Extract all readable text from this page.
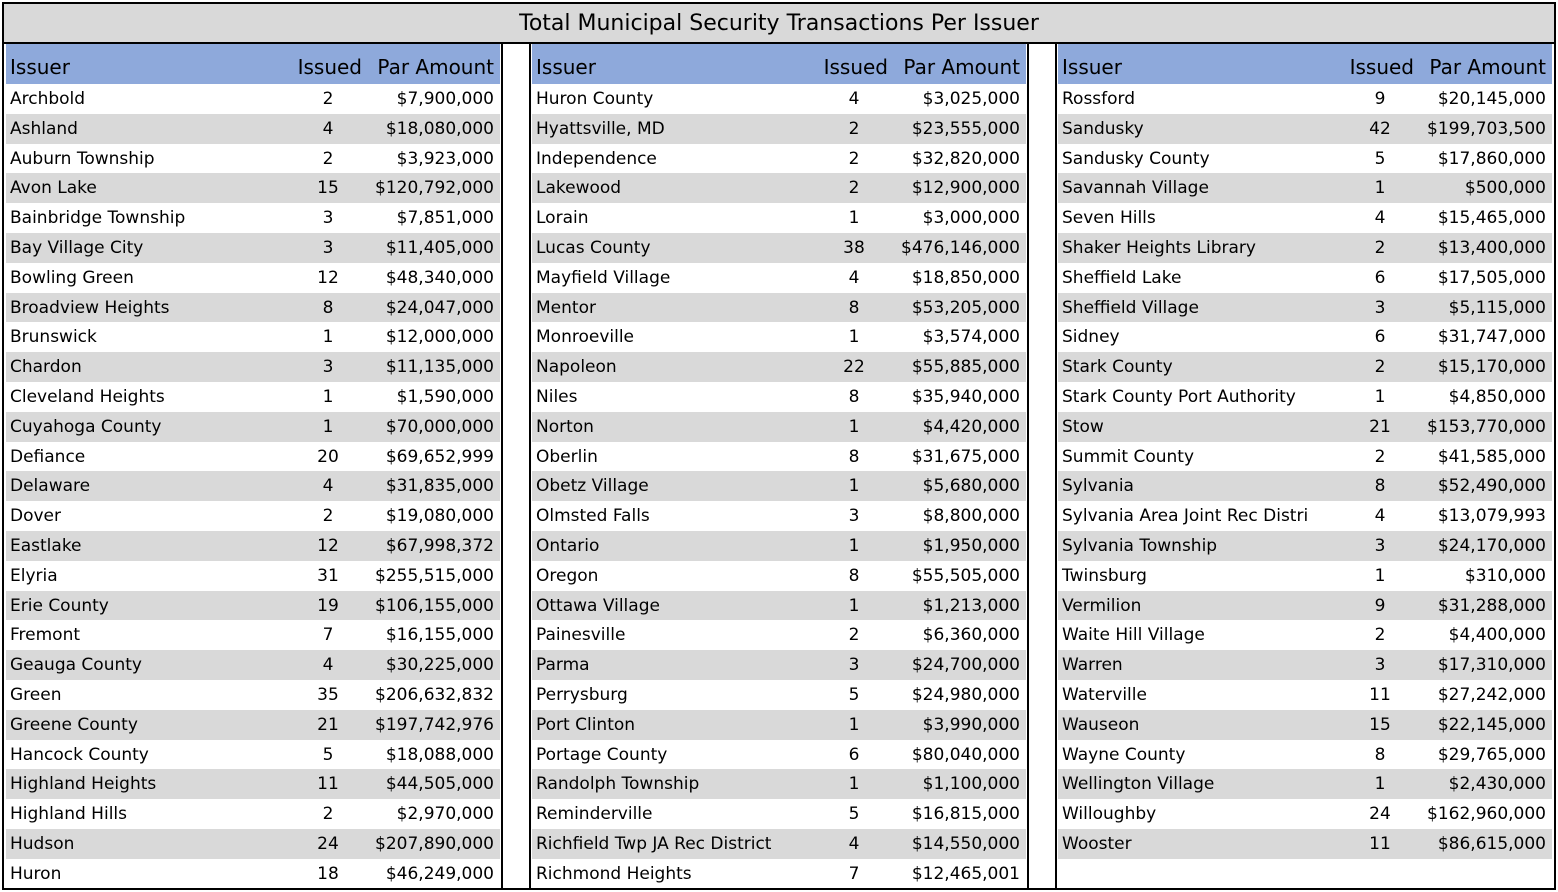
Total Municipal Security Transactions Per Issuer
Issuer	Issued Par Amount
Archbold	2	$7,900,000
Ashland	4	$18,080,000
Auburn Township	2	$3,923,000
Avon Lake	15	$120,792,000
Bainbridge Township	3	$7,851,000
Bay Village City	3	$11,405,000
Bowling Green	12	$48,340,000
Broadview Heights	8	$24,047,000
Brunswick	1	$12,000,000
Chardon	3	$11,135,000
Cleveland Heights	1	$1,590,000
Cuyahoga County	1	$70,000,000
Defiance	20	$69,652,999
Delaware	4	$31,835,000
Dover	2	$19,080,000
Eastlake	12	$67,998,372
Elyria	31	$255,515,000
Erie County	19	$106,155,000
Fremont	7	$16,155,000
Geauga County	4	$30,225,000
Green	35	$206,632,832
Greene County	21	$197,742,976
Hancock County	5	$18,088,000
Highland Heights	11	$44,505,000
Highland Hills	2	$2,970,000
Hudson	24	$207,890,000
Huron	18	$46,249,000
Issuer	Issued Par Amount
Huron County	4	$3,025,000
Hyattsville, MD	2	$23,555,000
Independence	2	$32,820,000
Lakewood	2	$12,900,000
Lorain	1	$3,000,000
Lucas County	38	$476,146,000
Mayfield Village	4	$18,850,000
Mentor	8	$53,205,000
Monroeville	1	$3,574,000
Napoleon	22	$55,885,000
Niles	8	$35,940,000
Norton	1	$4,420,000
Oberlin	8	$31,675,000
Obetz Village	1	$5,680,000
Olmsted Falls	3	$8,800,000
Ontario	1	$1,950,000
Oregon	8	$55,505,000
Ottawa Village	1	$1,213,000
Painesville	2	$6,360,000
Parma	3	$24,700,000
Perrysburg	5	$24,980,000
Port Clinton	1	$3,990,000
Portage County	6	$80,040,000
Randolph Township	1	$1,100,000
Reminderville	5	$16,815,000
Richfield Twp JA Rec District	4	$14,550,000
Richmond Heights	7	$12,465,001
Issuer	Issued Par Amount
Rossford	9	$20,145,000
Sandusky	42	$199,703,500
Sandusky County	5	$17,860,000
Savannah Village	1	$500,000
Seven Hills	4	$15,465,000
Shaker Heights Library	2	$13,400,000
Sheffield Lake	6	$17,505,000
Sheffield Village	3	$5,115,000
Sidney	6	$31,747,000
Stark County	2	$15,170,000
Stark County Port Authority	1	$4,850,000
Stow	21	$153,770,000
Summit County	2	$41,585,000
Sylvania	8	$52,490,000
Sylvania Area Joint Rec Distri	4	$13,079,993
Sylvania Township	3	$24,170,000
Twinsburg	1	$310,000
Vermilion	9	$31,288,000
Waite Hill Village	2	$4,400,000
Warren	3	$17,310,000
Waterville	11	$27,242,000
Wauseon	15	$22,145,000
Wayne County	8	$29,765,000
Wellington Village	1	$2,430,000
Willoughby	24	$162,960,000
Wooster	11	$86,615,000
